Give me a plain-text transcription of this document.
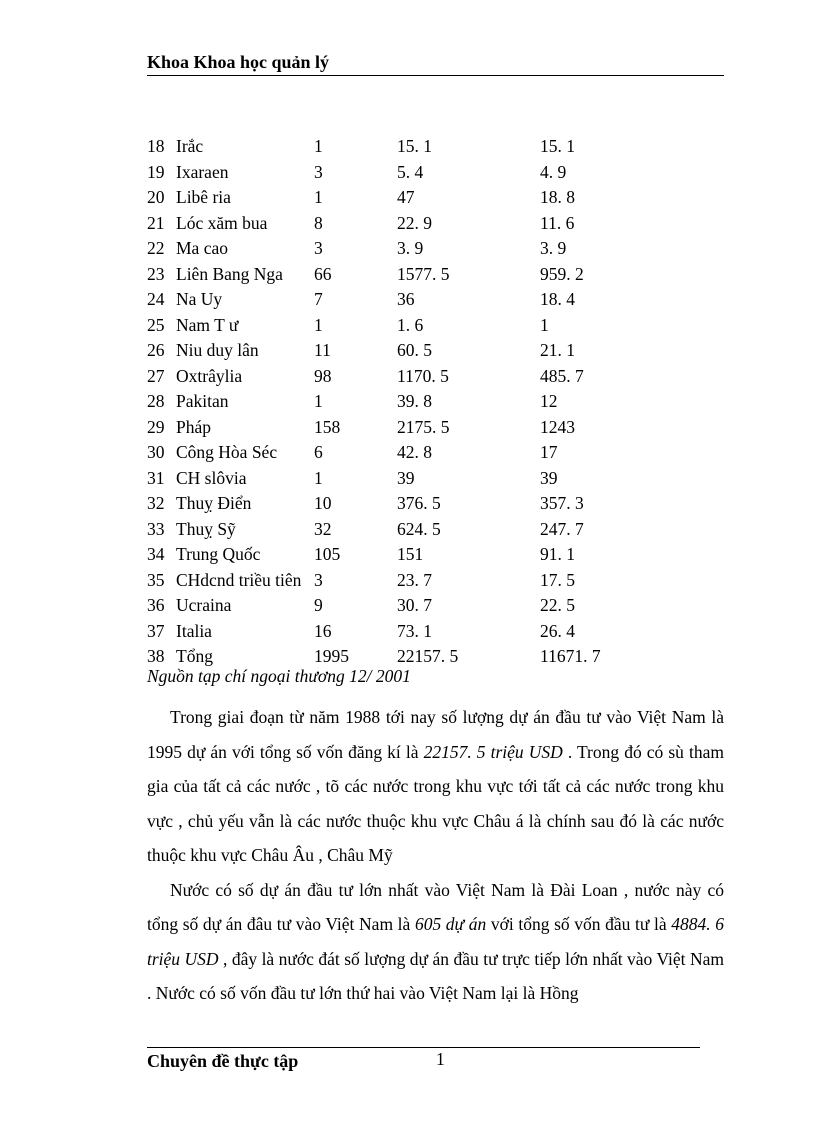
Khoa Khoa học quản lý
18 Irắc	1	15. 1	15. 1
19 Ixaraen	3	5. 4	4. 9
20 Libê ria	1	47	18. 8
21 Lóc xăm bua	8	22. 9	11. 6
22 Ma cao	3	3. 9	3. 9
23 Liên Bang Nga 66	1577. 5	959. 2
24 Na Uy	7	36	18. 4
25 Nam T ư	1	1. 6	1
26 Niu duy lân	11	60. 5	21. 1
27 Oxtrâylia	98	1170. 5	485. 7
28 Pakitan	1	39. 8	12
29 Pháp	158	2175. 5	1243
30 Công Hòa Séc 6	42. 8	17
31 CH slôvia	1	39	39
32 Thuỵ Điển	10	376. 5	357. 3
33 Thuỵ Sỹ	32	624. 5	247. 7
34 Trung Quốc	105	151	91. 1
35 CHdcnd triều tiên 3	23. 7	17. 5
36 Ucraina	9	30. 7	22. 5
37 Italia	16	73. 1	26. 4
38 Tổng	1995	22157. 5	11671. 7
Nguồn tạp chí ngoại thương 12/ 2001

Trong giai đoạn từ năm 1988 tới nay số lượng dự án đầu tư vào Việt Nam là 1995 dự án với tổng số vốn đăng kí là 22157. 5 triệu USD . Trong đó có sù tham gia của tất cả các nước , tõ các nước trong khu vực tới tất cả các nước trong khu vực , chủ yếu vẫn là các nước thuộc khu vực Châu á là chính sau đó là các nước thuộc khu vực Châu Âu , Châu Mỹ

Nước có số dự án đầu tư lớn nhất vào Việt Nam là Đài Loan , nước này có tổng số dự án đâu tư vào Việt Nam là 605 dự án với tổng số vốn đầu tư là 4884. 6 triệu USD , đây là nước đát số lượng dự án đầu tư trực tiếp lớn nhất vào Việt Nam . Nước có số vốn đầu tư lớn thứ hai vào Việt Nam lại là Hồng

Chuyên đề thực tập	1
